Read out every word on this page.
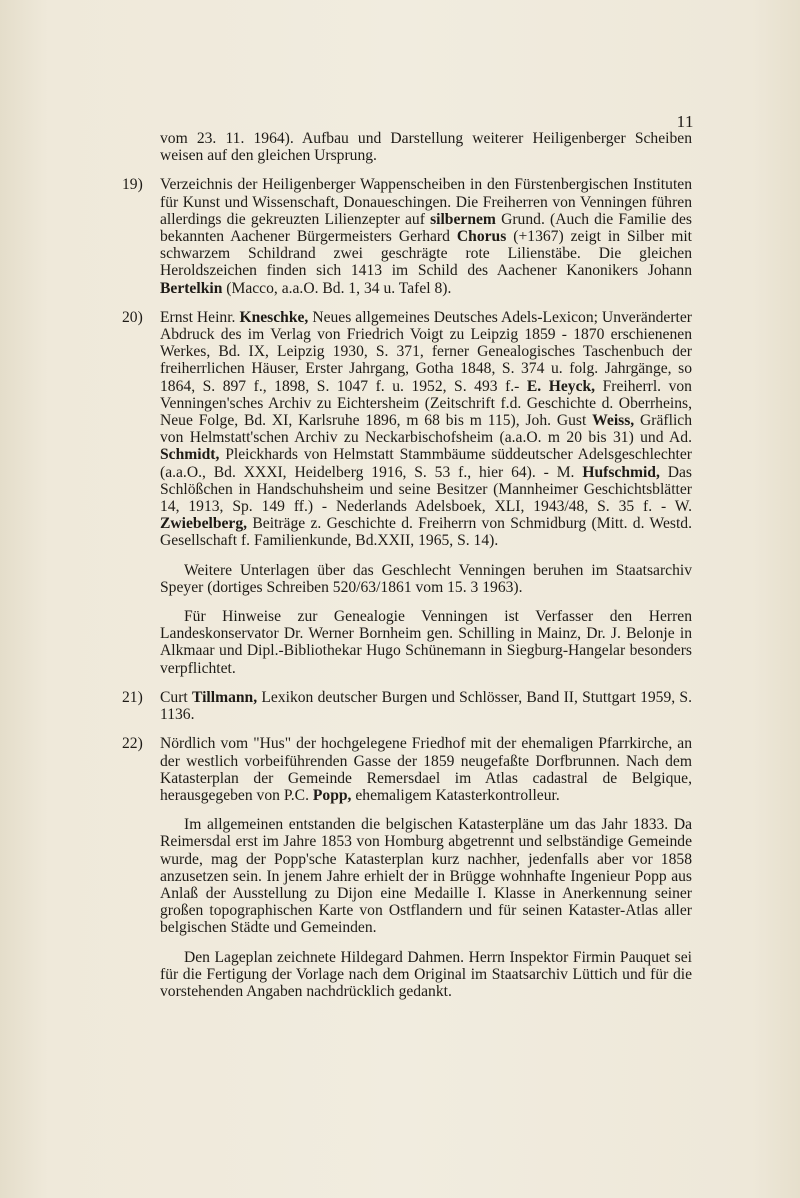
11

vom 23. 11. 1964). Aufbau und Darstellung weiterer Heiligenberger Scheiben weisen auf den gleichen Ursprung.

19)	Verzeichnis der Heiligenberger Wappenscheiben in den Fürstenbergischen Instituten für Kunst und Wissenschaft, Donaueschingen. Die Freiherren von Venningen führen allerdings die gekreuzten Lilienzepter auf silbernem Grund. (Auch die Familie des bekannten Aachener Bürgermeisters Gerhard Chorus (+1367) zeigt in Silber mit schwarzem Schildrand zwei geschrägte rote Lilienstäbe. Die gleichen Heroldszeichen finden sich 1413 im Schild des Aachener Kanonikers Johann Bertelkin (Macco, a.a.O. Bd. 1, 34 u. Tafel 8).
20)	Ernst Heinr. Kneschke, Neues allgemeines Deutsches Adels-Lexicon; Unveränderter Abdruck des im Verlag von Friedrich Voigt zu Leipzig 1859 - 1870 erschienenen Werkes, Bd. IX, Leipzig 1930, S. 371, ferner Genealogisches Taschenbuch der freiherrlichen Häuser, Erster Jahrgang, Gotha 1848, S. 374 u. folg. Jahrgänge, so 1864, S. 897 f., 1898, S. 1047 f. u. 1952, S. 493 f.- E. Heyck, Freiherrl. von Venningen'sches Archiv zu Eichtersheim (Zeitschrift f.d. Geschichte d. Oberrheins, Neue Folge, Bd. XI, Karlsruhe 1896, m 68 bis m 115), Joh. Gust Weiss, Gräflich von Helmstatt'schen Archiv zu Neckarbischofsheim (a.a.O. m 20 bis 31) und Ad. Schmidt, Pleickhards von Helmstatt Stammbäume süddeutscher Adelsgeschlechter (a.a.O., Bd. XXXI, Heidelberg 1916, S. 53 f., hier 64). - M. Hufschmid, Das Schlößchen in Handschuhsheim und seine Besitzer (Mannheimer Geschichtsblätter 14, 1913, Sp. 149 ff.) - Nederlands Adelsboek, XLI, 1943/48, S. 35 f. - W. Zwiebelberg, Beiträge z. Geschichte d. Freiherrn von Schmidburg (Mitt. d. Westd. Gesellschaft f. Familienkunde, Bd.XXII, 1965, S. 14).

Weitere Unterlagen über das Geschlecht Venningen beruhen im Staatsarchiv Speyer (dortiges Schreiben 520/63/1861 vom 15. 3 1963).

Für Hinweise zur Genealogie Venningen ist Verfasser den Herren Landeskonservator Dr. Werner Bornheim gen. Schilling in Mainz, Dr. J. Belonje in Alkmaar und Dipl.-Bibliothekar Hugo Schünemann in Siegburg-Hangelar besonders verpflichtet.

21)	Curt Tillmann, Lexikon deutscher Burgen und Schlösser, Band II, Stuttgart 1959, S. 1136.
22)	Nördlich vom "Hus" der hochgelegene Friedhof mit der ehemaligen Pfarrkirche, an der westlich vorbeiführenden Gasse der 1859 neugefaßte Dorfbrunnen. Nach dem Katasterplan der Gemeinde Remersdael im Atlas cadastral de Belgique, herausgegeben von P.C. Popp, ehemaligem Katasterkontrolleur.

Im allgemeinen entstanden die belgischen Katasterpläne um das Jahr 1833. Da Reimersdal erst im Jahre 1853 von Homburg abgetrennt und selbständige Gemeinde wurde, mag der Popp'sche Katasterplan kurz nachher, jedenfalls aber vor 1858 anzusetzen sein. In jenem Jahre erhielt der in Brügge wohnhafte Ingenieur Popp aus Anlaß der Ausstellung zu Dijon eine Medaille I. Klasse in Anerkennung seiner großen topographischen Karte von Ostflandern und für seinen Kataster-Atlas aller belgischen Städte und Gemeinden.

Den Lageplan zeichnete Hildegard Dahmen. Herrn Inspektor Firmin Pauquet sei für die Fertigung der Vorlage nach dem Original im Staatsarchiv Lüttich und für die vorstehenden Angaben nachdrücklich gedankt.
